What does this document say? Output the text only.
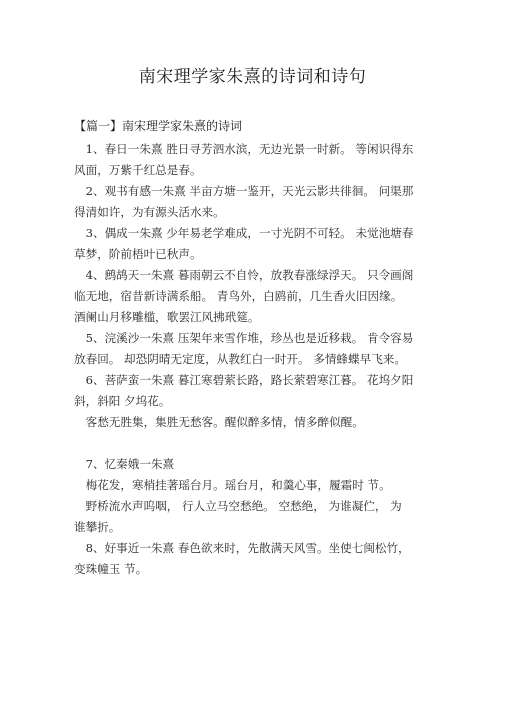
南宋理学家朱熹的诗词和诗句
【篇一】南宋理学家朱熹的诗词
1、春日一朱熹 胜日寻芳泗水滨，无边光景一时新。 等闲识得东
风面，万紫千红总是春。
2、观书有感一朱熹 半亩方塘一鉴开，天光云影共徘徊。 问渠那
得清如许，为有源头活水来。
3、偶成一朱熹 少年易老学难成，一寸光阴不可轻。 未觉池塘春
草梦，阶前梧叶已秋声。
4、鹧鸪天一朱熹 暮雨朝云不自怜，放教春涨绿浮天。 只令画阁
临无地，宿昔新诗满系船。 青鸟外，白鸥前，几生香火旧因缘。
酒阑山月移雕槛，歌罢江风拂玳筵。
5、浣溪沙一朱熹 压架年来雪作堆，珍丛也是近移栽。 肯令容易
放春回。 却恐阴晴无定度，从教红白一时开。 多情蜂蝶早飞来。
6、菩萨蛮一朱熹 暮江寒碧萦长路，路长萦碧寒江暮。 花坞夕阳
斜，斜阳 夕坞花。
客愁无胜集，集胜无愁客。醒似醉多情，情多醉似醒。
7、忆秦娥一朱熹
梅花发，寒梢挂著瑶台月。瑶台月，和羹心事，履霜时 节。
野桥流水声呜咽， 行人立马空愁绝。 空愁绝， 为谁凝伫， 为
谁攀折。
8、好事近一朱熹 春色欲来时，先散满天风雪。坐使七闽松竹，
变珠幢玉 节。
